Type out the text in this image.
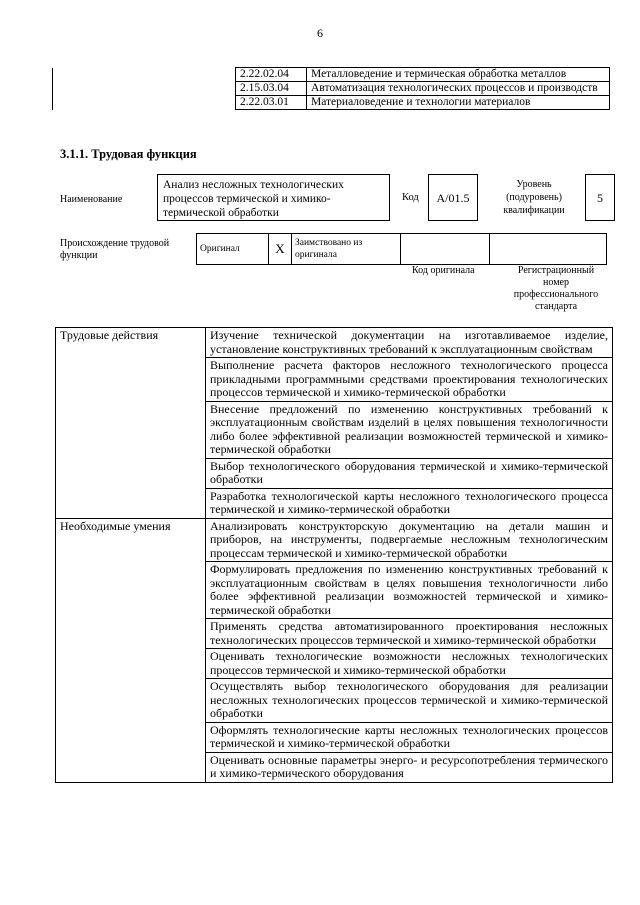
6
	2.22.02.04	Металловедение и термическая обработка металлов
	2.15.03.04	Автоматизация технологических процессов и производств
	2.22.03.01	Материаловедение и технологии материалов
3.1.1. Трудовая функция
Наименование
Анализ несложных технологических процессов термической и химико-термической обработки
Код	A/01.5
Уровень (подуровень) квалификации
5
Происхождение трудовой функции
Оригинал	X	Заимствовано из оригинала		
Код оригинала	Регистрационный номер профессионального стандарта
Трудовые действия	Изучение технической документации на изготавливаемое изделие, установление конструктивных требований к эксплуатационным свойствам
	Выполнение расчета факторов несложного технологического процесса прикладными программными средствами проектирования технологических процессов термической и химико-термической обработки
	Внесение предложений по изменению конструктивных требований к эксплуатационным свойствам изделий в целях повышения технологичности либо более эффективной реализации возможностей термической и химико-термической обработки
	Выбор технологического оборудования термической и химико-термической обработки
	Разработка технологической карты несложного технологического процесса термической и химико-термической обработки
Необходимые умения	Анализировать конструкторскую документацию на детали машин и приборов, на инструменты, подвергаемые несложным технологическим процессам термической и химико-термической обработки
	Формулировать предложения по изменению конструктивных требований к эксплуатационным свойствам в целях повышения технологичности либо более эффективной реализации возможностей термической и химико-термической обработки
	Применять средства автоматизированного проектирования несложных технологических процессов термической и химико-термической обработки
	Оценивать технологические возможности несложных технологических процессов термической и химико-термической обработки
	Осуществлять выбор технологического оборудования для реализации несложных технологических процессов термической и химико-термической обработки
	Оформлять технологические карты несложных технологических процессов термической и химико-термической обработки
	Оценивать основные параметры энерго- и ресурсопотребления термического и химико-термического оборудования
